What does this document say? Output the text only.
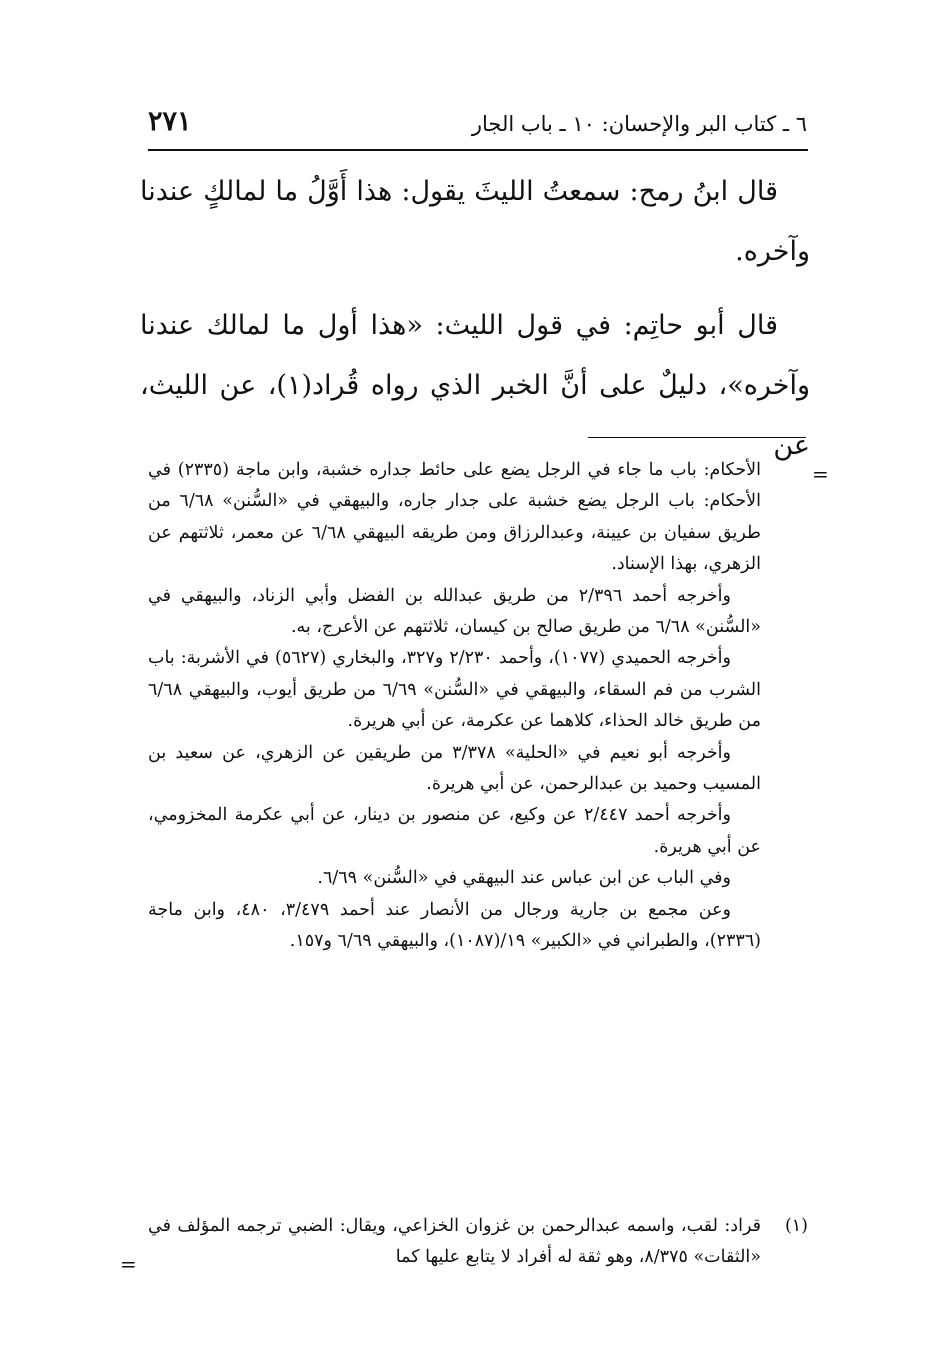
٢٧١	٦ ـ كتاب البر والإحسان: ١٠ ـ باب الجار

قال ابنُ رمح: سمعتُ الليثَ يقول: هذا أَوَّلُ ما لمالكٍ عندنا وآخره.

قال أبو حاتِم: في قول الليث: «هذا أول ما لمالك عندنا وآخره»، دليلٌ على أنَّ الخبر الذي رواه قُراد(١)، عن الليث، عن

=

الأحكام: باب ما جاء في الرجل يضع على حائط جداره خشبة، وابن ماجة (٢٣٣٥) في الأحكام: باب الرجل يضع خشبة على جدار جاره، والبيهقي في «السُّنن» ٦/٦٨ من طريق سفيان بن عيينة، وعبدالرزاق ومن طريقه البيهقي ٦/٦٨ عن معمر، ثلاثتهم عن الزهري، بهذا الإسناد.

وأخرجه أحمد ٢/٣٩٦ من طريق عبدالله بن الفضل وأبي الزناد، والبيهقي في «السُّنن» ٦/٦٨ من طريق صالح بن كيسان، ثلاثتهم عن الأعرج، به.

وأخرجه الحميدي (١٠٧٧)، وأحمد ٢/٢٣٠ و٣٢٧، والبخاري (٥٦٢٧) في الأشربة: باب الشرب من فم السقاء، والبيهقي في «السُّنن» ٦/٦٩ من طريق أيوب، والبيهقي ٦/٦٨ من طريق خالد الحذاء، كلاهما عن عكرمة، عن أبي هريرة.

وأخرجه أبو نعيم في «الحلية» ٣/٣٧٨ من طريقين عن الزهري، عن سعيد بن المسيب وحميد بن عبدالرحمن، عن أبي هريرة.

وأخرجه أحمد ٢/٤٤٧ عن وكيع، عن منصور بن دينار، عن أبي عكرمة المخزومي، عن أبي هريرة.

وفي الباب عن ابن عباس عند البيهقي في «السُّنن» ٦/٦٩.

وعن مجمع بن جارية ورجال من الأنصار عند أحمد ٣/٤٧٩، ٤٨٠، وابن ماجة (٢٣٣٦)، والطبراني في «الكبير» ١٩/(١٠٨٧)، والبيهقي ٦/٦٩ و١٥٧.

(١)
قراد: لقب، واسمه عبدالرحمن بن غزوان الخزاعي، ويقال: الضبي ترجمه المؤلف في «الثقات» ٨/٣٧٥، وهو ثقة له أفراد لا يتابع عليها كما
=
